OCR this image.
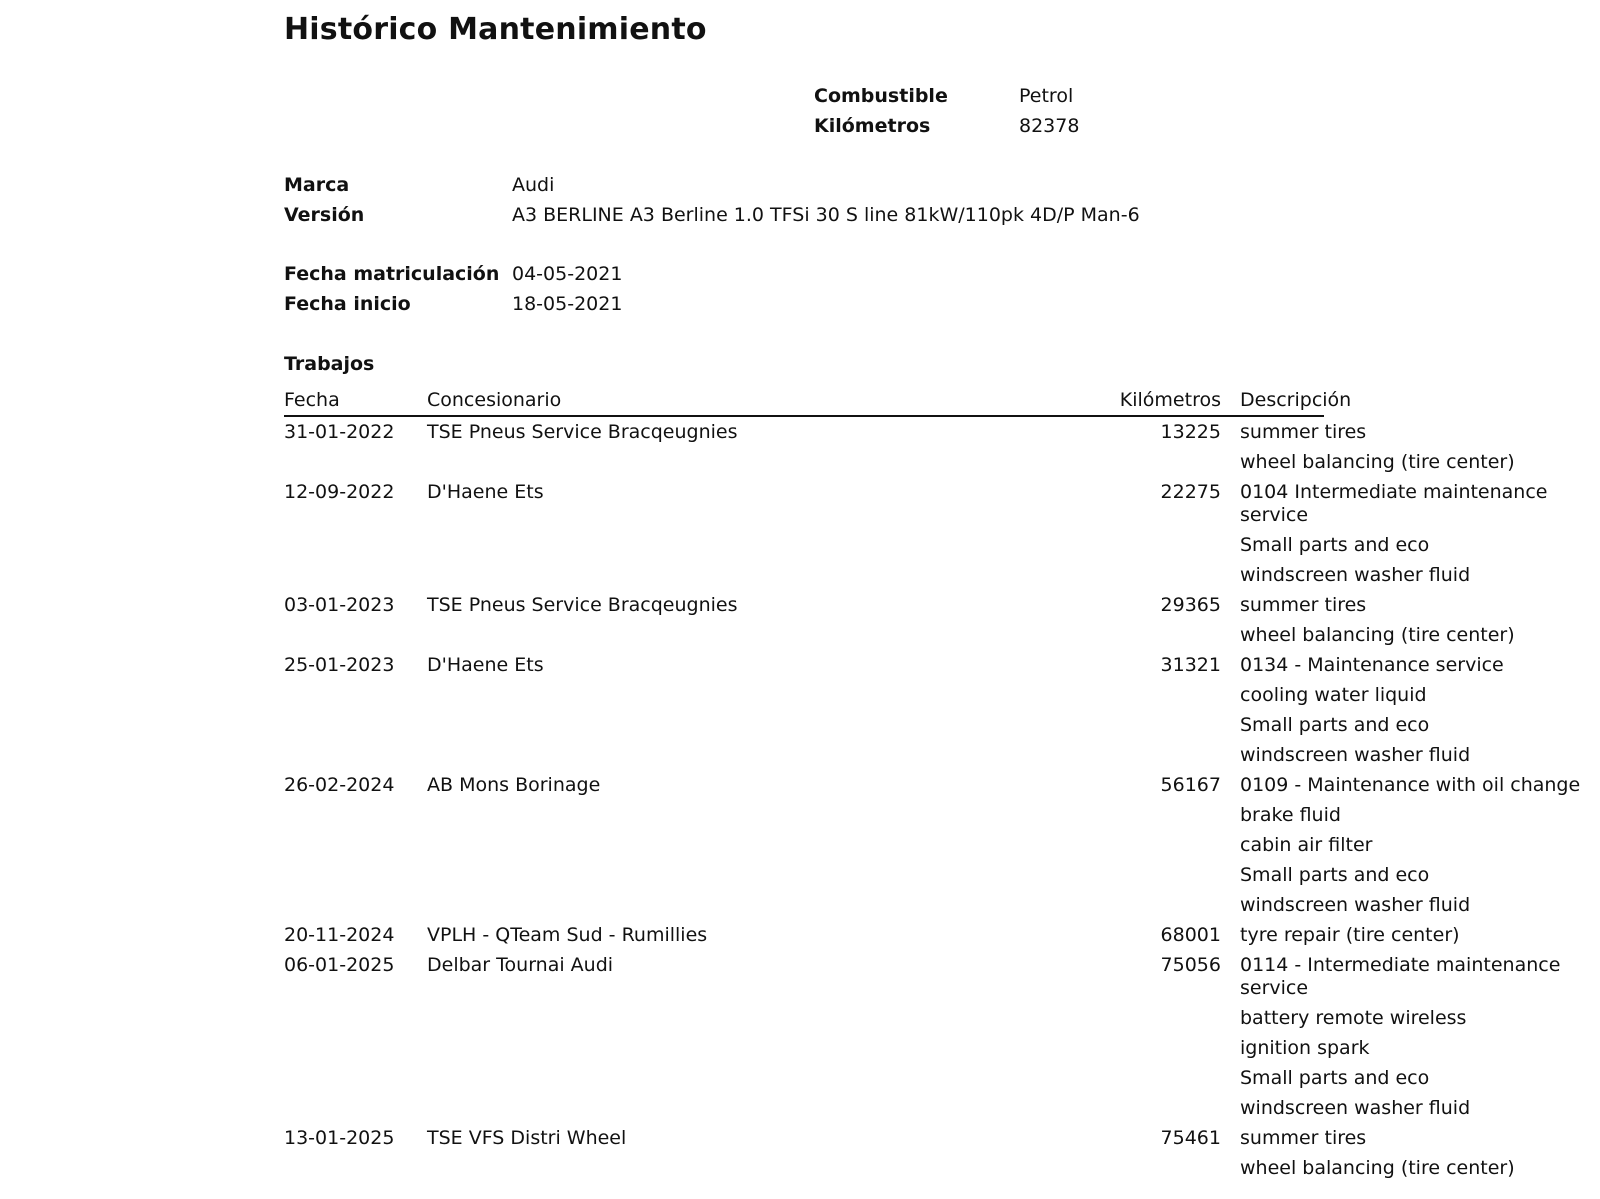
Histórico Mantenimiento
Combustible	Petrol
Kilómetros	82378
Marca	Audi
Versión	A3 BERLINE A3 Berline 1.0 TFSi 30 S line 81kW/110pk 4D/P Man-6
Fecha matriculación 04-05-2021
Fecha inicio	18-05-2021
Trabajos
Fecha	Concesionario	Kilómetros Descripción
31-01-2022	TSE Pneus Service Bracqeugnies	13225 summer tires
wheel balancing (tire center)
12-09-2022	D'Haene Ets	22275 0104 Intermediate maintenance service
Small parts and eco
windscreen washer fluid
03-01-2023	TSE Pneus Service Bracqeugnies	29365 summer tires
wheel balancing (tire center)
25-01-2023	D'Haene Ets	31321 0134 - Maintenance service
cooling water liquid
Small parts and eco
windscreen washer fluid
26-02-2024	AB Mons Borinage	56167 0109 - Maintenance with oil change
brake fluid
cabin air filter
Small parts and eco
windscreen washer fluid
20-11-2024	VPLH - QTeam Sud - Rumillies	68001 tyre repair (tire center)
06-01-2025	Delbar Tournai Audi	75056 0114 - Intermediate maintenance service
battery remote wireless
ignition spark
Small parts and eco
windscreen washer fluid
13-01-2025	TSE VFS Distri Wheel	75461 summer tires
wheel balancing (tire center)
